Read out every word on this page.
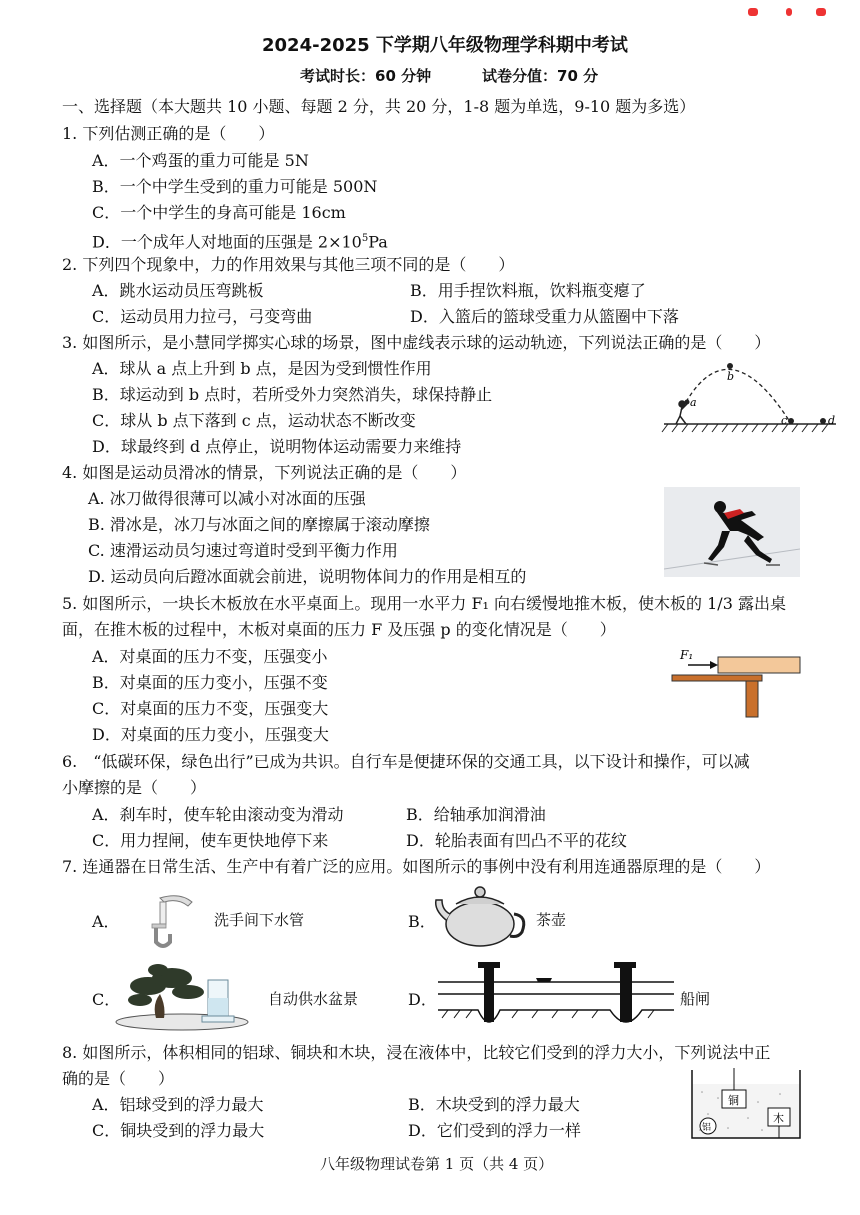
2024-2025 下学期八年级物理学科期中考试
考试时长：60 分钟	试卷分值：70 分
一、选择题（本大题共 10 小题、每题 2 分，共 20 分，1-8 题为单选，9-10 题为多选）
1. 下列估测正确的是（　　）
A．一个鸡蛋的重力可能是 5N
B．一个中学生受到的重力可能是 500N
C．一个中学生的身高可能是 16cm
D．一个成年人对地面的压强是 $2\times 10^5Pa$
2. 下列四个现象中，力的作用效果与其他三项不同的是（　　）
A．跳水运动员压弯跳板	B．用手捏饮料瓶，饮料瓶变瘪了
C．运动员用力拉弓，弓变弯曲	D．入篮后的篮球受重力从篮圈中下落
3. 如图所示，是小慧同学掷实心球的场景，图中虚线表示球的运动轨迹，下列说法正确的是（　　）
A．球从 a 点上升到 b 点，是因为受到惯性作用
B．球运动到 b 点时，若所受外力突然消失，球保持静止
C．球从 b 点下落到 c 点，运动状态不断改变
D．球最终到 d 点停止，说明物体运动需要力来维持
a
b
c	d
4. 如图是运动员滑冰的情景，下列说法正确的是（　　）
A. 冰刀做得很薄可以减小对冰面的压强
B. 滑冰是，冰刀与冰面之间的摩擦属于滚动摩擦
C. 速滑运动员匀速过弯道时受到平衡力作用
D. 运动员向后蹬冰面就会前进，说明物体间力的作用是相互的
5. 如图所示，一块长木板放在水平桌面上。现用一水平力 F₁ 向右缓慢地推木板，使木板的 1/3 露出桌
面，在推木板的过程中，木板对桌面的压力 F 及压强 p 的变化情况是（　　）
A．对桌面的压力不变，压强变小
B．对桌面的压力变小，压强不变
C．对桌面的压力不变，压强变大
D．对桌面的压力变小，压强变大
F₁
6.　“低碳环保，绿色出行”已成为共识。自行车是便捷环保的交通工具，以下设计和操作，可以减
小摩擦的是（　　）
A．刹车时，使车轮由滚动变为滑动	B．给轴承加润滑油
C．用力捏闸，使车更快地停下来	D．轮胎表面有凹凸不平的花纹
7. 连通器在日常生活、生产中有着广泛的应用。如图所示的事例中没有利用连通器原理的是（　　）
A．	洗手间下水管	B．	茶壶
C．	自动供水盆景	D．	船闸
8. 如图所示，体积相同的铝球、铜块和木块，浸在液体中，比较它们受到的浮力大小，下列说法中正
确的是（　　）
A．铝球受到的浮力最大	B．木块受到的浮力最大
C．铜块受到的浮力最大	D．它们受到的浮力一样
铜
铝
木
八年级物理试卷第 1 页（共 4 页）
